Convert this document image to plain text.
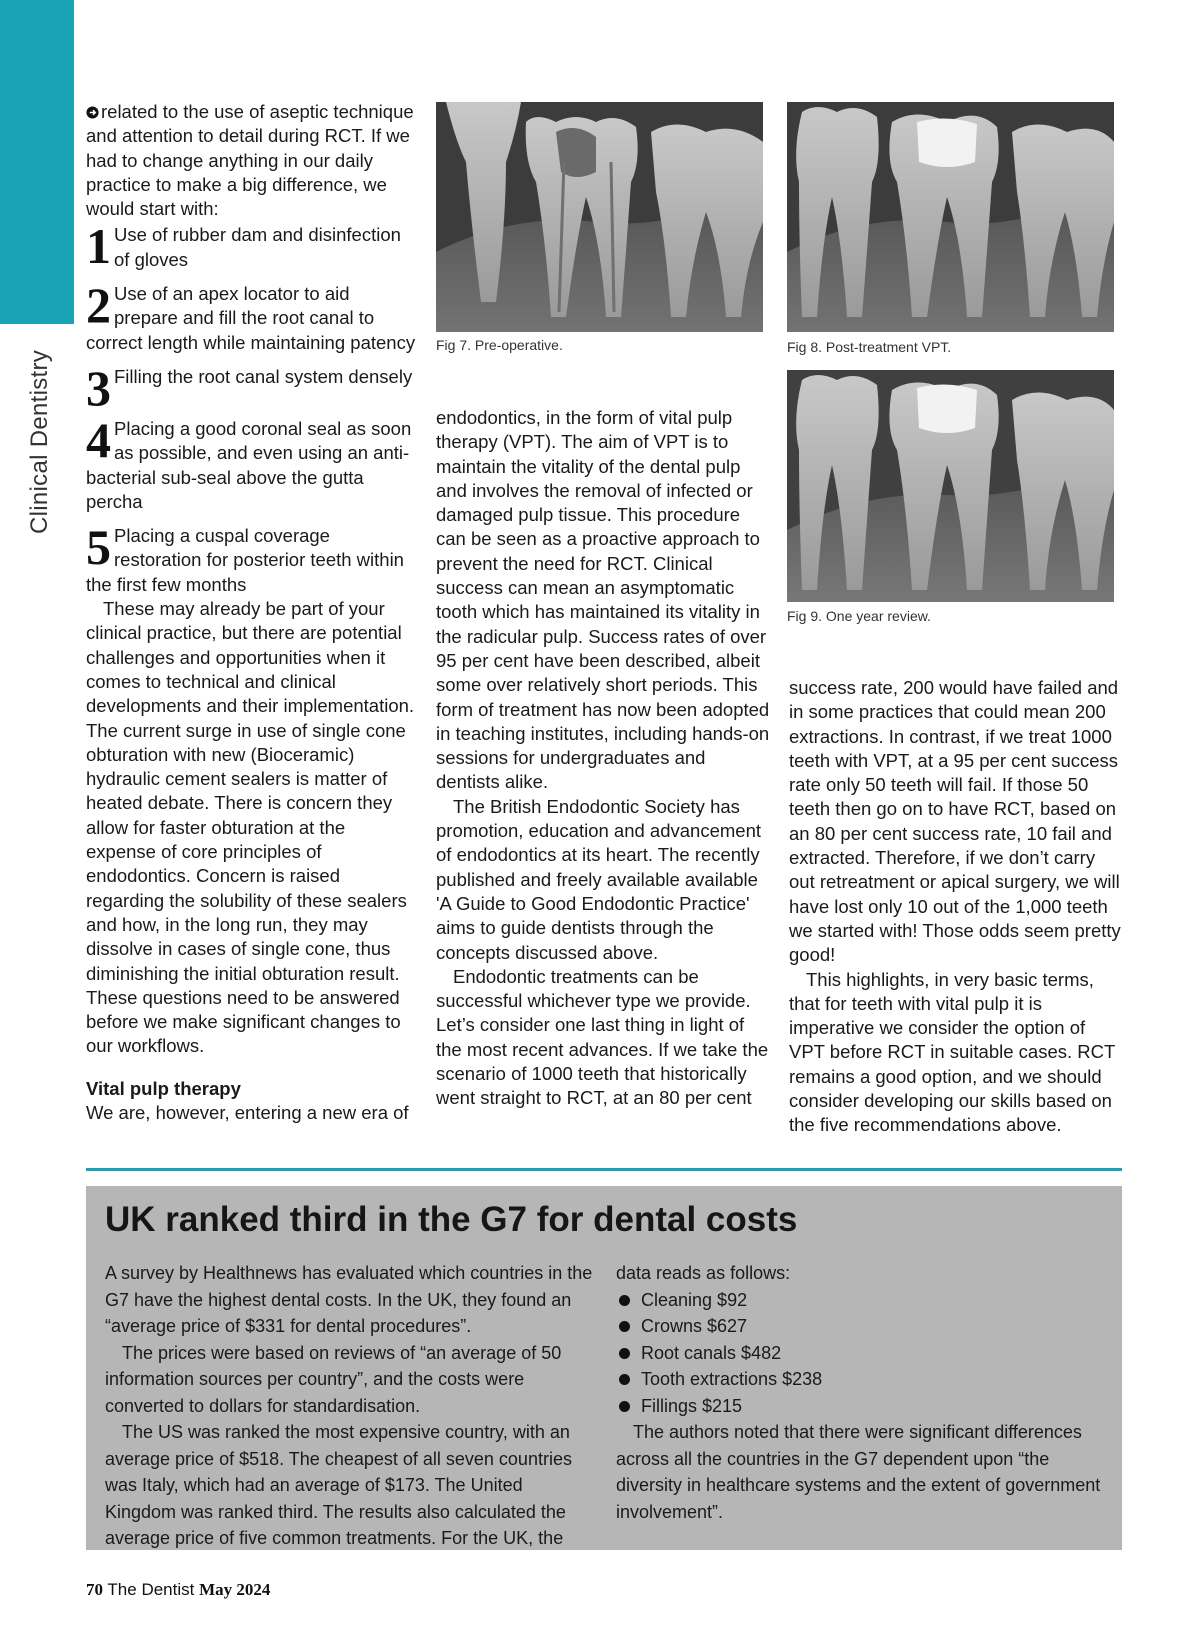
Clinical Dentistry

related to the use of aseptic technique and attention to detail during RCT. If we had to change anything in our daily practice to make a big difference, we would start with:

1 Use of rubber dam and disinfection of gloves

2 Use of an apex locator to aid prepare and fill the root canal to correct length while maintaining patency

3 Filling the root canal system densely

4 Placing a good coronal seal as soon as possible, and even using an anti-bacterial sub-seal above the gutta percha

5 Placing a cuspal coverage restoration for posterior teeth within the first few months

These may already be part of your clinical practice, but there are potential challenges and opportunities when it comes to technical and clinical developments and their implementation. The current surge in use of single cone obturation with new (Bioceramic) hydraulic cement sealers is matter of heated debate. There is concern they allow for faster obturation at the expense of core principles of endodontics. Concern is raised regarding the solubility of these sealers and how, in the long run, they may dissolve in cases of single cone, thus diminishing the initial obturation result. These questions need to be answered before we make significant changes to our workflows.

Vital pulp therapy

We are, however, entering a new era of

Fig 7. Pre-operative.	Fig 8. Post-treatment VPT.
Fig 9. One year review.

endodontics, in the form of vital pulp therapy (VPT). The aim of VPT is to maintain the vitality of the dental pulp and involves the removal of infected or damaged pulp tissue. This procedure can be seen as a proactive approach to prevent the need for RCT. Clinical success can mean an asymptomatic tooth which has maintained its vitality in the radicular pulp. Success rates of over 95 per cent have been described, albeit some over relatively short periods. This form of treatment has now been adopted in teaching institutes, including hands-on sessions for undergraduates and dentists alike.

The British Endodontic Society has promotion, education and advancement of endodontics at its heart. The recently published and freely available available 'A Guide to Good Endodontic Practice' aims to guide dentists through the concepts discussed above.

Endodontic treatments can be successful whichever type we provide. Let’s consider one last thing in light of the most recent advances. If we take the scenario of 1000 teeth that historically went straight to RCT, at an 80 per cent

success rate, 200 would have failed and in some practices that could mean 200 extractions. In contrast, if we treat 1000 teeth with VPT, at a 95 per cent success rate only 50 teeth will fail. If those 50 teeth then go on to have RCT, based on an 80 per cent success rate, 10 fail and extracted. Therefore, if we don’t carry out retreatment or apical surgery, we will have lost only 10 out of the 1,000 teeth we started with! Those odds seem pretty good!

This highlights, in very basic terms, that for teeth with vital pulp it is imperative we consider the option of VPT before RCT in suitable cases. RCT remains a good option, and we should consider developing our skills based on the five recommendations above.

UK ranked third in the G7 for dental costs

A survey by Healthnews has evaluated which countries in the G7 have the highest dental costs. In the UK, they found an “average price of $331 for dental procedures”.

The prices were based on reviews of “an average of 50 information sources per country”, and the costs were converted to dollars for standardisation.

The US was ranked the most expensive country, with an average price of $518. The cheapest of all seven countries was Italy, which had an average of $173. The United Kingdom was ranked third. The results also calculated the average price of five common treatments. For the UK, the

data reads as follows:

Cleaning $92
Crowns $627
Root canals $482
Tooth extractions $238
Fillings $215

The authors noted that there were significant differences across all the countries in the G7 dependent upon “the diversity in healthcare systems and the extent of government involvement”.

70 The Dentist May 2024
